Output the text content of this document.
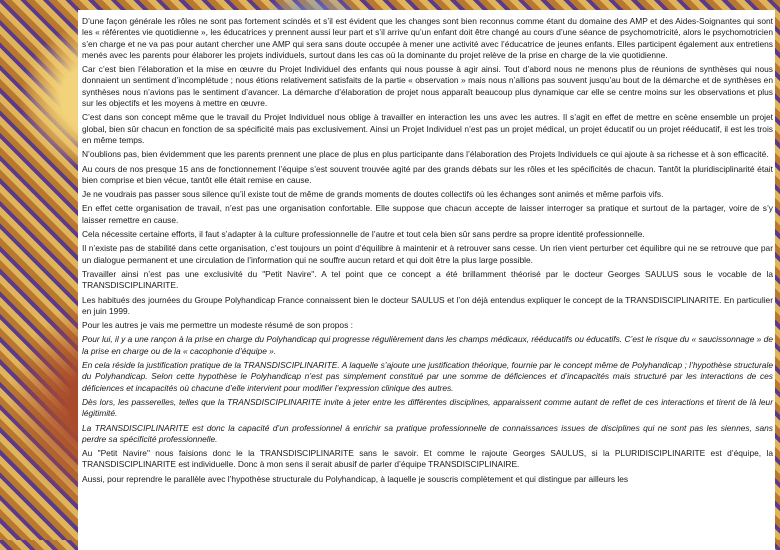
D’une façon générale les rôles ne sont pas fortement scindés et s’il est évident que les changes sont bien reconnus comme étant du domaine des AMP et des Aides-Soignantes qui sont les « référentes vie quotidienne », les éducatrices y prennent aussi leur part et s’il arrive qu’un enfant doit être changé au cours d’une séance de psychomotricité, alors le psychomotricien s’en charge et ne va pas pour autant chercher une AMP qui sera sans doute occupée à mener une activité avec l’éducatrice de jeunes enfants. Elles participent également aux entretiens menés avec les parents pour élaborer les projets individuels, surtout dans les cas où la dominante du projet relève de la prise en charge de la vie quotidienne.

Car c’est bien l’élaboration et la mise en œuvre du Projet Individuel des enfants qui nous pousse à agir ainsi. Tout d’abord nous ne menons plus de réunions de synthèses qui nous donnaient un sentiment d’incomplétude ; nous étions relativement satisfaits de la partie « observation » mais nous n’allions pas souvent jusqu’au bout de la démarche et de synthèses en synthèses nous n’avions pas le sentiment d’avancer. La démarche d’élaboration de projet nous apparaît beaucoup plus dynamique car elle se centre moins sur les observations et plus sur les objectifs et les moyens à mettre en œuvre.

C’est dans son concept même que le travail du Projet Individuel nous oblige à travailler en interaction les uns avec les autres. Il s’agit en effet de mettre en scène ensemble un projet global, bien sûr chacun en fonction de sa spécificité mais pas exclusivement. Ainsi un Projet Individuel n’est pas un projet médical, un projet éducatif ou un projet rééducatif, il est les trois en même temps.

N’oublions pas, bien évidemment que les parents prennent une place de plus en plus participante dans l’élaboration des Projets Individuels ce qui ajoute à sa richesse et à son efficacité.

Au cours de nos presque 15 ans de fonctionnement l’équipe s’est souvent trouvée agité par des grands débats sur les rôles et les spécificités de chacun. Tantôt la pluridisciplinarité était bien comprise et bien vécue, tantôt elle était remise en cause.

Je ne voudrais pas passer sous silence qu’il existe tout de même de grands moments de doutes collectifs où les échanges sont animés et même parfois vifs.

En effet cette organisation de travail, n’est pas une organisation confortable. Elle suppose que chacun accepte de laisser interroger sa pratique et surtout de la partager, voire de s’y laisser remettre en cause.

Cela nécessite certaine efforts, il faut s’adapter à la culture professionnelle de l’autre et tout cela bien sûr sans perdre sa propre identité professionnelle.

Il n’existe pas de stabilité dans cette organisation, c’est toujours un point d’équilibre à maintenir et à retrouver sans cesse. Un rien vient perturber cet équilibre qui ne se retrouve que par un dialogue permanent et une circulation de l’information qui ne souffre aucun retard et qui doit être la plus large possible.

Travailler ainsi n’est pas une exclusivité du "Petit Navire". A tel point que ce concept a été brillamment théorisé par le docteur Georges SAULUS sous le vocable de la TRANSDISCIPLINARITE.

Les habitués des journées du Groupe Polyhandicap France connaissent bien le docteur SAULUS et l’on déjà entendus expliquer le concept de la TRANSDISCIPLINARITE. En particulier en juin 1999.

Pour les autres je vais me permettre un modeste résumé de son propos :

Pour lui, il y a une rançon à la prise en charge du Polyhandicap qui progresse régulièrement dans les champs médicaux, rééducatifs ou éducatifs. C’est le risque du « saucissonnage » de la prise en charge ou de la « cacophonie d’équipe ».

En cela réside la justification pratique de la TRANSDISCIPLINARITE. A laquelle s’ajoute une justification théorique, fournie par le concept même de Polyhandicap ; l’hypothèse structurale du Polyhandicap. Selon cette hypothèse le Polyhandicap n’est pas simplement constitué par une somme de déficiences et d’incapacités mais structuré par les interactions de ces déficiences et incapacités où chacune d’elle intervient pour modifier l’expression clinique des autres.

Dès lors, les passerelles, telles que la TRANSDISCIPLINARITE invite à jeter entre les différentes disciplines, apparaissent comme autant de reflet de ces interactions et tirent de là leur légitimité.

La TRANSDISCIPLINARITE est donc la capacité d’un professionnel à enrichir sa pratique professionnelle de connaissances issues de disciplines qui ne sont pas les siennes, sans perdre sa spécificité professionnelle.

Au "Petit Navire" nous faisions donc le la TRANSDISCIPLINARITE sans le savoir. Et comme le rajoute Georges SAULUS, si la PLURIDISCIPLINARITE est d’équipe, la TRANSDISCIPLINARITE est individuelle. Donc à mon sens il serait abusif de parler d’équipe TRANSDISCIPLINAIRE.

Aussi, pour reprendre le parallèle avec l’hypothèse structurale du Polyhandicap, à laquelle je souscris complètement et qui distingue par ailleurs les
